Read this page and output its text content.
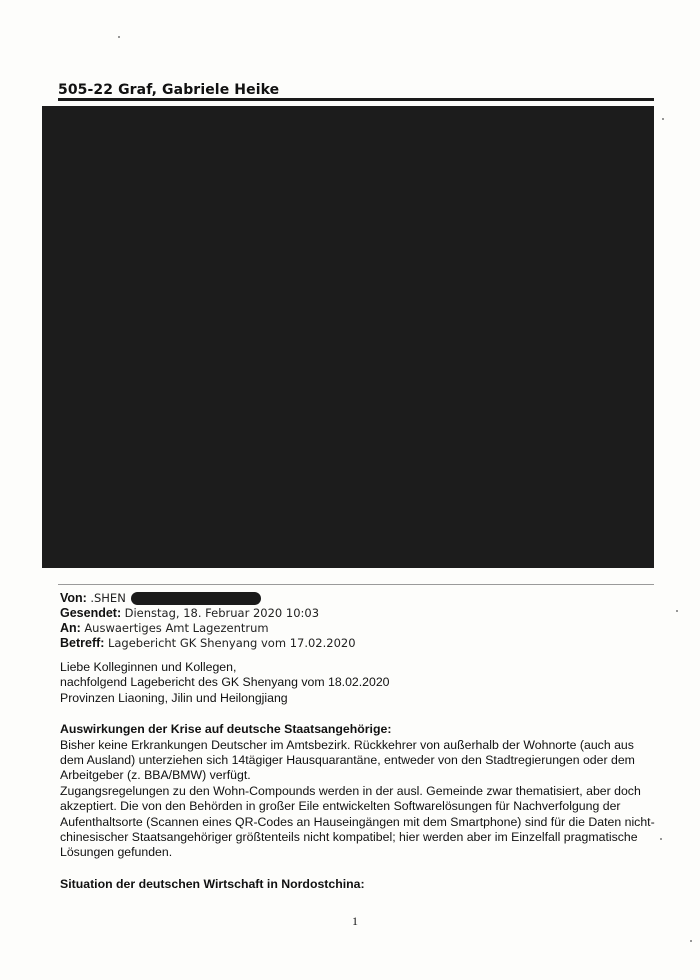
505-22 Graf, Gabriele Heike
Von: .SHEN
Gesendet: Dienstag, 18. Februar 2020 10:03
An: Auswaertiges Amt Lagezentrum
Betreff: Lagebericht GK Shenyang vom 17.02.2020

Liebe Kolleginnen und Kollegen,

nachfolgend Lagebericht des GK Shenyang vom 18.02.2020

Provinzen Liaoning, Jilin und Heilongjiang

Auswirkungen der Krise auf deutsche Staatsangehörige:

Bisher keine Erkrankungen Deutscher im Amtsbezirk. Rückkehrer von außerhalb der Wohnorte (auch aus dem Ausland) unterziehen sich 14tägiger Hausquarantäne, entweder von den Stadtregierungen oder dem Arbeitgeber (z. BBA/BMW) verfügt.

Zugangsregelungen zu den Wohn-Compounds werden in der ausl. Gemeinde zwar thematisiert, aber doch akzeptiert. Die von den Behörden in großer Eile entwickelten Softwarelösungen für Nachverfolgung der Aufenthaltsorte (Scannen eines QR-Codes an Hauseingängen mit dem Smartphone) sind für die Daten nicht-chinesischer Staatsangehöriger größtenteils nicht kompatibel; hier werden aber im Einzelfall pragmatische Lösungen gefunden.

Situation der deutschen Wirtschaft in Nordostchina:

1
